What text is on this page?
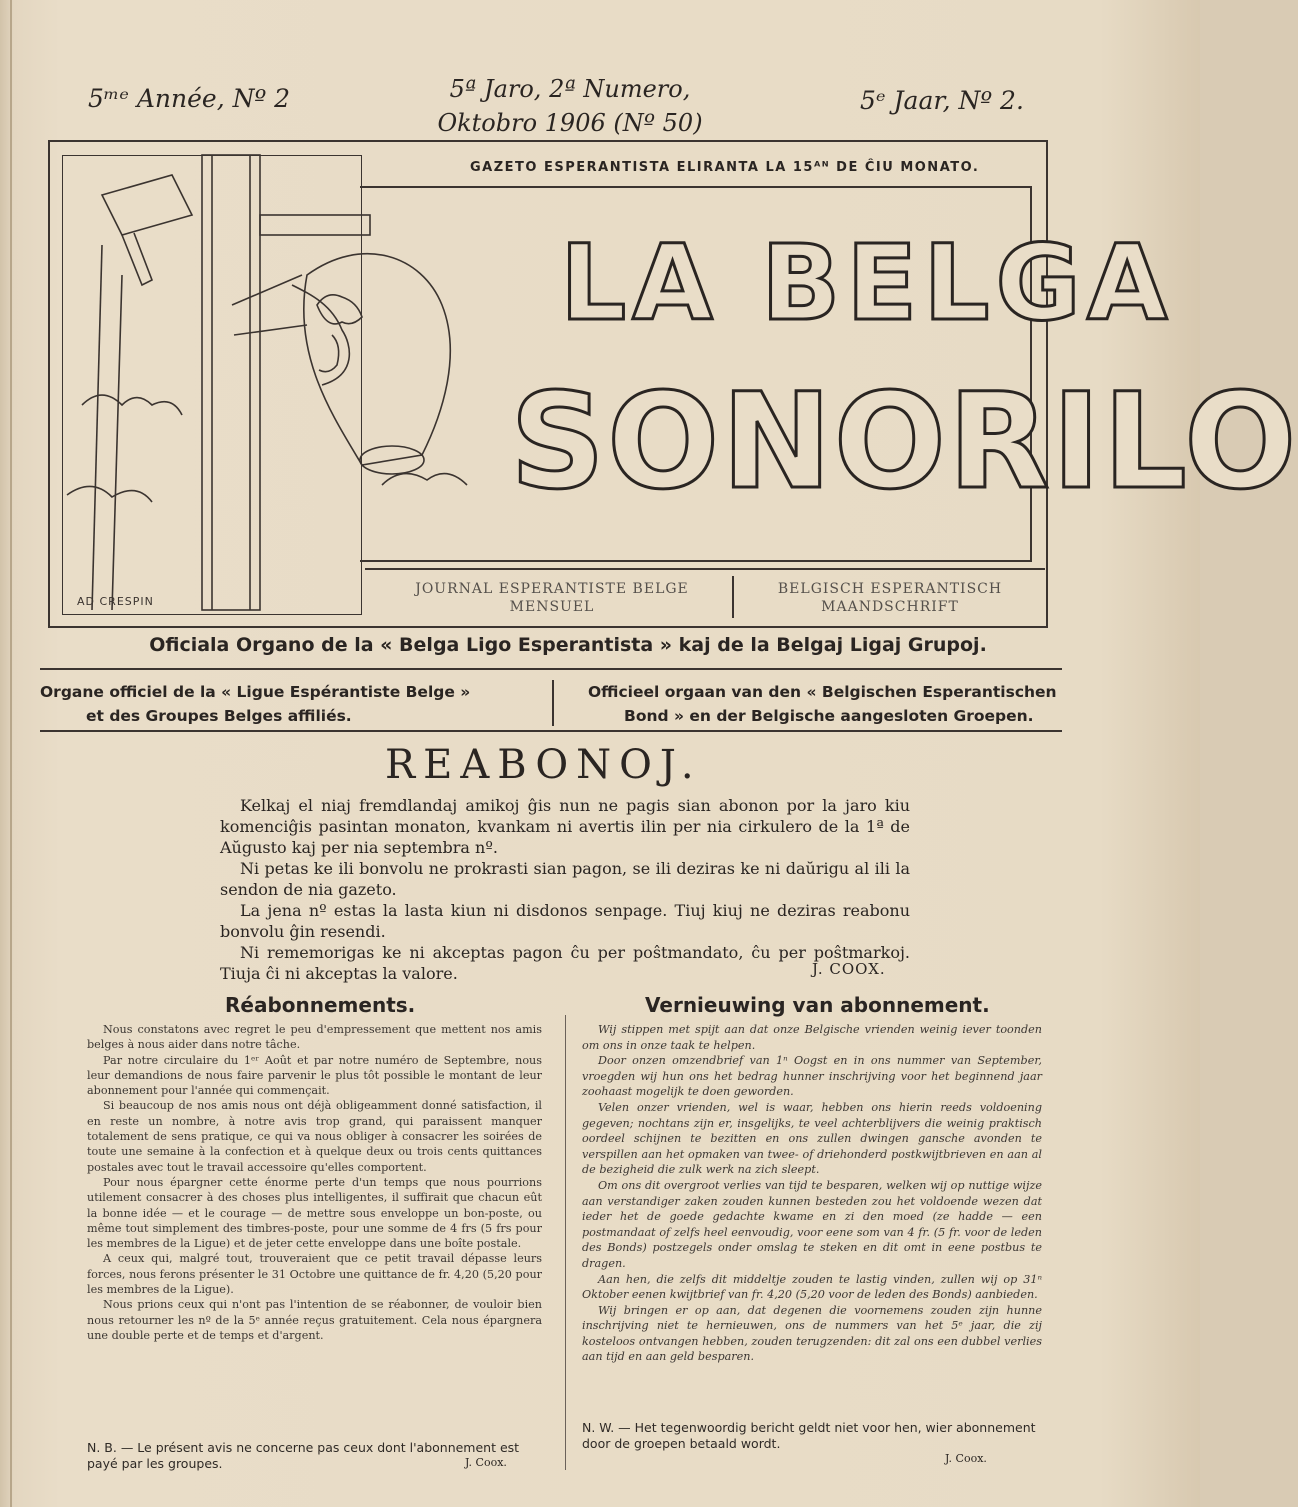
5ᵐᵉ Année, Nº 2	5ª Jaro, 2ª Numero,
Oktobro 1906 (Nº 50)
5ᵉ Jaar, Nº 2.
GAZETO ESPERANTISTA ELIRANTA LA 15ᴬᴺ DE ĈIU MONATO.
AD CRESPIN
LA BELGA
SONORILO
JOURNAL ESPERANTISTE BELGE
MENSUEL
BELGISCH ESPERANTISCH
MAANDSCHRIFT
Oficiala Organo de la « Belga Ligo Esperantista » kaj de la Belgaj Ligaj Grupoj.
Organe officiel de la « Ligue Espérantiste Belge »
et des Groupes Belges affiliés.
Officieel orgaan van den « Belgischen Esperantischen
Bond » en der Belgische aangesloten Groepen.
REABONOJ.

Kelkaj el niaj fremdlandaj amikoj ĝis nun ne pagis sian abonon por la jaro kiu komenciĝis pasintan monaton, kvankam ni avertis ilin per nia cirkulero de la 1ª de Aŭgusto kaj per nia septembra nº.

Ni petas ke ili bonvolu ne prokrasti sian pagon, se ili deziras ke ni daŭrigu al ili la sendon de nia gazeto.

La jena nº estas la lasta kiun ni disdonos senpage. Tiuj kiuj ne deziras reabonu bonvolu ĝin resendi.

Ni rememorigas ke ni akceptas pagon ĉu per poŝtmandato, ĉu per poŝtmarkoj. Tiuja ĉi ni akceptas la valore.	J. COOX.
Réabonnements.	Vernieuwing van abonnement.

Nous constatons avec regret le peu d'empressement que mettent nos amis belges à nous aider dans notre tâche.

Par notre circulaire du 1ᵉʳ Août et par notre numéro de Septembre, nous leur demandions de nous faire parvenir le plus tôt possible le montant de leur abonnement pour l'année qui commençait.

Si beaucoup de nos amis nous ont déjà obligeamment donné satisfaction, il en reste un nombre, à notre avis trop grand, qui paraissent manquer totalement de sens pratique, ce qui va nous obliger à consacrer les soirées de toute une semaine à la confection et à quelque deux ou trois cents quittances postales avec tout le travail accessoire qu'elles comportent.

Pour nous épargner cette énorme perte d'un temps que nous pourrions utilement consacrer à des choses plus intelligentes, il suffirait que chacun eût la bonne idée — et le courage — de mettre sous enveloppe un bon-poste, ou même tout simplement des timbres-poste, pour une somme de 4 frs (5 frs pour les membres de la Ligue) et de jeter cette enveloppe dans une boîte postale.

A ceux qui, malgré tout, trouveraient que ce petit travail dépasse leurs forces, nous ferons présenter le 31 Octobre une quittance de fr. 4,20 (5,20 pour les membres de la Ligue).

Nous prions ceux qui n'ont pas l'intention de se réabonner, de vouloir bien nous retourner les nº de la 5ᵉ année reçus gratuitement. Cela nous épargnera une double perte et de temps et d'argent.

N. B. — Le présent avis ne concerne pas ceux dont l'abonnement est payé par les groupes.	J. Coox.

Wij stippen met spijt aan dat onze Belgische vrienden weinig iever toonden om ons in onze taak te helpen.

Door onzen omzendbrief van 1ⁿ Oogst en in ons nummer van September, vroegden wij hun ons het bedrag hunner inschrijving voor het beginnend jaar zoohaast mogelijk te doen geworden.

Velen onzer vrienden, wel is waar, hebben ons hierin reeds voldoening gegeven; nochtans zijn er, insgelijks, te veel achterblijvers die weinig praktisch oordeel schijnen te bezitten en ons zullen dwingen gansche avonden te verspillen aan het opmaken van twee- of driehonderd postkwijtbrieven en aan al de bezigheid die zulk werk na zich sleept.

Om ons dit overgroot verlies van tijd te besparen, welken wij op nuttige wijze aan verstandiger zaken zouden kunnen besteden zou het voldoende wezen dat ieder het de goede gedachte kwame en zi den moed (ze hadde — een postmandaat of zelfs heel eenvoudig, voor eene som van 4 fr. (5 fr. voor de leden des Bonds) postzegels onder omslag te steken en dit omt in eene postbus te dragen.

Aan hen, die zelfs dit middeltje zouden te lastig vinden, zullen wij op 31ⁿ Oktober eenen kwijtbrief van fr. 4,20 (5,20 voor de leden des Bonds) aanbieden.

Wij bringen er op aan, dat degenen die voornemens zouden zijn hunne inschrijving niet te hernieuwen, ons de nummers van het 5ᵉ jaar, die zij kosteloos ontvangen hebben, zouden terugzenden: dit zal ons een dubbel verlies aan tijd en aan geld besparen.

N. W. — Het tegenwoordig bericht geldt niet voor hen, wier abonnement door de groepen betaald wordt.
J. Coox.
